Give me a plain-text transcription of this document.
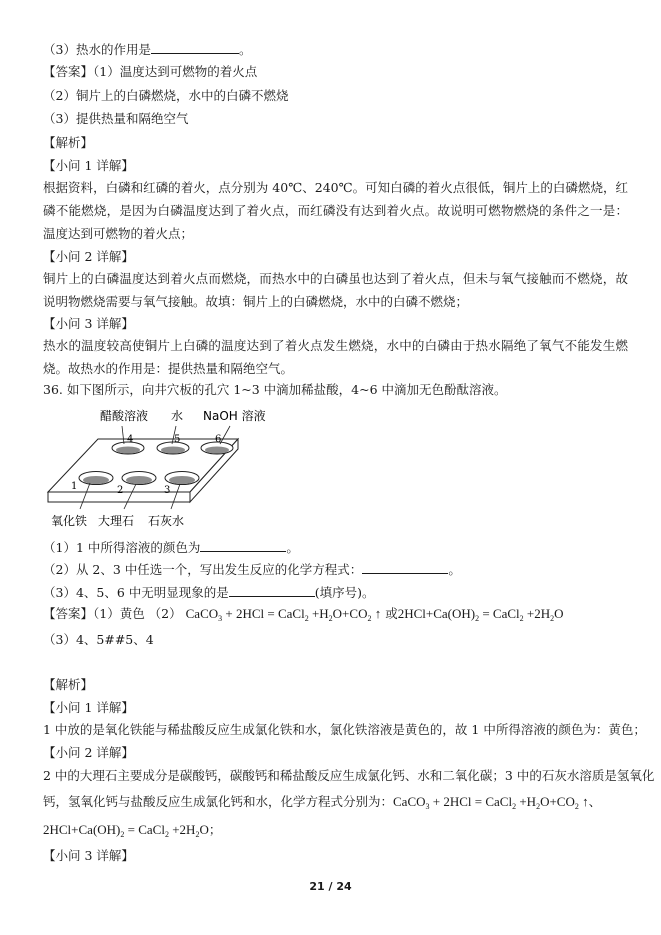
（3）热水的作用是	。
【答案】（1）温度达到可燃物的着火点
（2）铜片上的白磷燃烧，水中的白磷不燃烧
（3）提供热量和隔绝空气
【解析】
【小问 1 详解】
根据资料，白磷和红磷的着火，点分别为 40℃、240℃。可知白磷的着火点很低，铜片上的白磷燃烧，红磷不能燃烧，是因为白磷温度达到了着火点，而红磷没有达到着火点。故说明可燃物燃烧的条件之一是：温度达到可燃物的着火点；
【小问 2 详解】
铜片上的白磷温度达到着火点而燃烧，而热水中的白磷虽也达到了着火点，但未与氧气接触而不燃烧，故说明物燃烧需要与氧气接触。故填：铜片上的白磷燃烧，水中的白磷不燃烧；
【小问 3 详解】
热水的温度较高使铜片上白磷的温度达到了着火点发生燃烧，水中的白磷由于热水隔绝了氧气不能发生燃烧。故热水的作用是：提供热量和隔绝空气。
36. 如下图所示，向井穴板的孔穴 1~3 中滴加稀盐酸，4~6 中滴加无色酚酞溶液。
醋酸溶液 水 NaOH 溶液
氧化铁 大理石 石灰水
4	5	6
1	2	3
（1）1 中所得溶液的颜色为	。
（2）从 2、3 中任选一个，写出发生反应的化学方程式：	。
（3）4、5、6 中无明显现象的是	(填序号)。
【答案】（1）黄色 （2） CaCO$_3$ + 2HCl = CaCl$_2$ $+H_2O+CO_2$ ↑ 或$2HCl+Ca(OH)_2$ = CaCl$_2$ $+2H_2O$
（3）4、5##5、4
【解析】
【小问 1 详解】
1 中放的是氧化铁能与稀盐酸反应生成氯化铁和水，氯化铁溶液是黄色的，故 1 中所得溶液的颜色为：黄色；
【小问 2 详解】
2 中的大理石主要成分是碳酸钙，碳酸钙和稀盐酸反应生成氯化钙、水和二氧化碳；3 中的石灰水溶质是氢氧化
钙，氢氧化钙与盐酸反应生成氯化钙和水，化学方程式分别为：CaCO$_3$ + 2HCl = CaCl$_2$ $+H_2O+CO_2$ ↑、
$2HCl+Ca(OH)_2$ = CaCl$_2$ $+2H_2O$；
【小问 3 详解】
21 / 24
